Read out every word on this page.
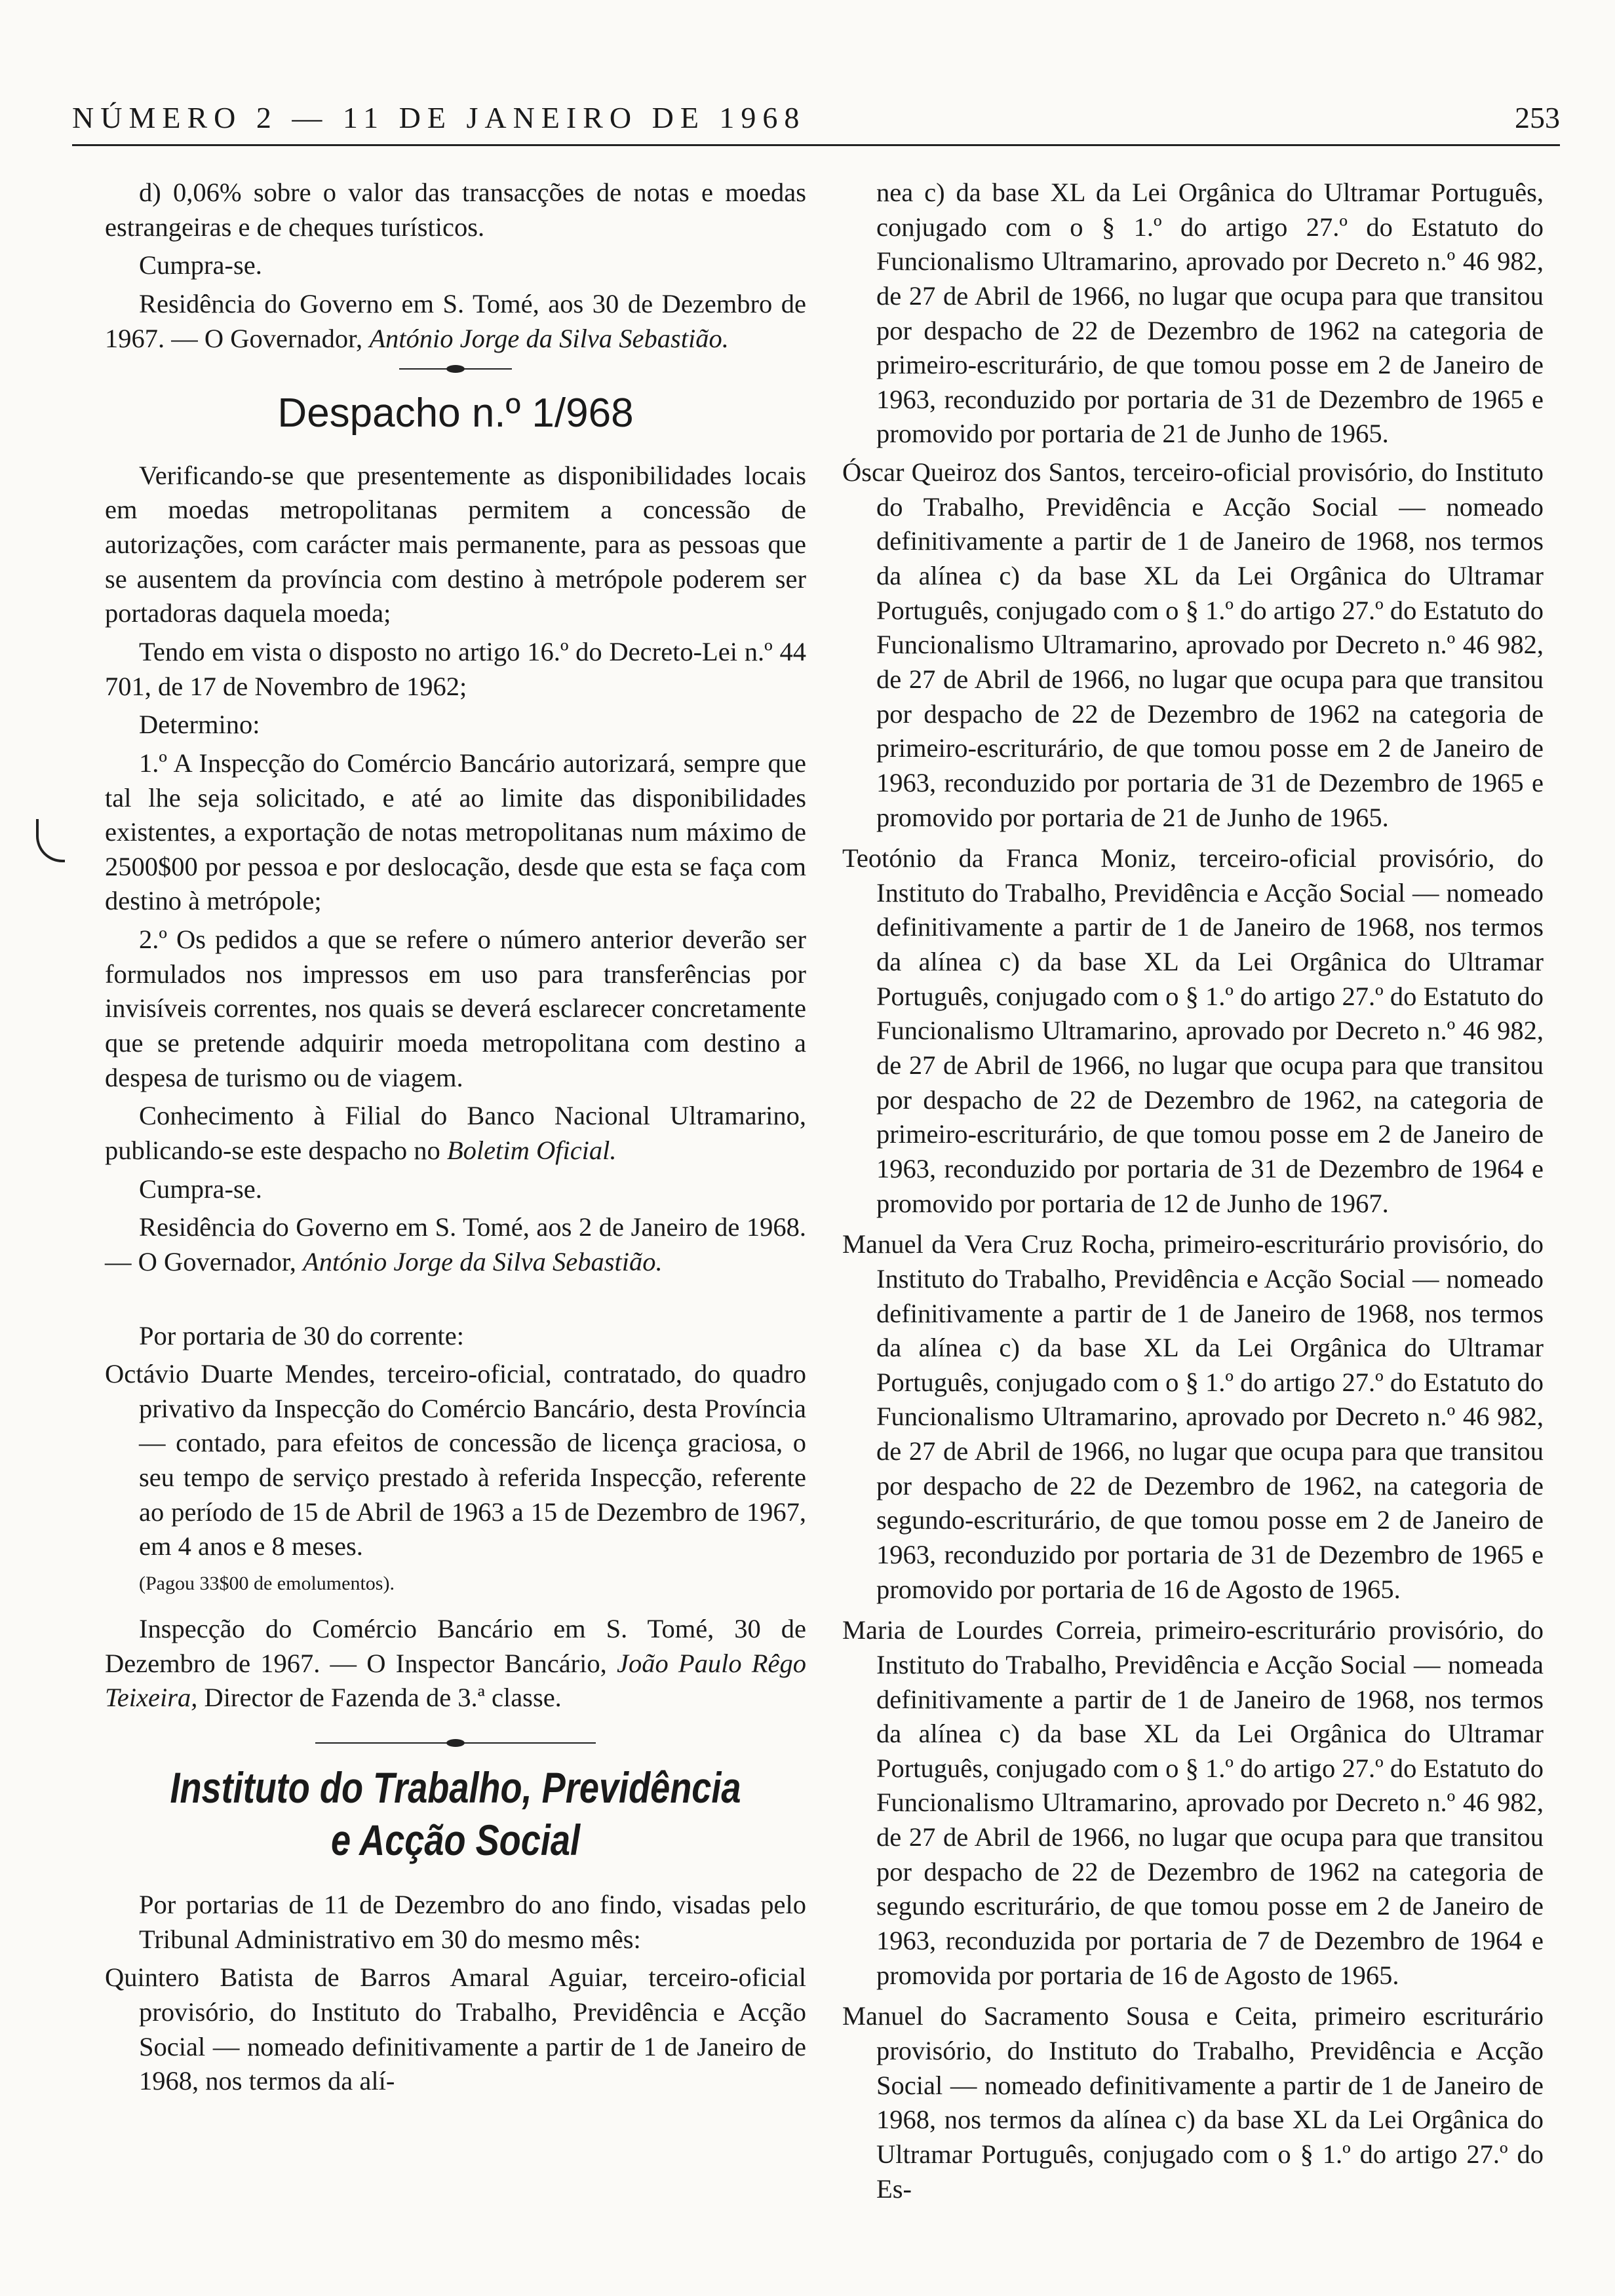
NÚMERO 2 — 11 DE JANEIRO DE 1968	253

d) 0,06% sobre o valor das transacções de notas e moedas estrangeiras e de cheques turísticos.

Cumpra-se.

Residência do Governo em S. Tomé, aos 30 de Dezembro de 1967. — O Governador, António Jorge da Silva Sebastião.

Despacho n.º 1/968

Verificando-se que presentemente as disponibilidades locais em moedas metropolitanas permitem a concessão de autorizações, com carácter mais permanente, para as pessoas que se ausentem da província com destino à metrópole poderem ser portadoras daquela moeda;

Tendo em vista o disposto no artigo 16.º do Decreto-Lei n.º 44 701, de 17 de Novembro de 1962;

Determino:

1.º A Inspecção do Comércio Bancário autorizará, sempre que tal lhe seja solicitado, e até ao limite das disponibilidades existentes, a exportação de notas metropolitanas num máximo de 2500$00 por pessoa e por deslocação, desde que esta se faça com destino à metrópole;

2.º Os pedidos a que se refere o número anterior deverão ser formulados nos impressos em uso para transferências por invisíveis correntes, nos quais se deverá esclarecer concretamente que se pretende adquirir moeda metropolitana com destino a despesa de turismo ou de viagem.

Conhecimento à Filial do Banco Nacional Ultramarino, publicando-se este despacho no Boletim Oficial.

Cumpra-se.

Residência do Governo em S. Tomé, aos 2 de Janeiro de 1968. — O Governador, António Jorge da Silva Sebastião.

Por portaria de 30 do corrente:

Octávio Duarte Mendes, terceiro-oficial, contratado, do quadro privativo da Inspecção do Comércio Bancário, desta Província — contado, para efeitos de concessão de licença graciosa, o seu tempo de serviço prestado à referida Inspecção, referente ao período de 15 de Abril de 1963 a 15 de Dezembro de 1967, em 4 anos e 8 meses.

(Pagou 33$00 de emolumentos).

Inspecção do Comércio Bancário em S. Tomé, 30 de Dezembro de 1967. — O Inspector Bancário, João Paulo Rêgo Teixeira, Director de Fazenda de 3.ª classe.

Instituto do Trabalho, Previdência
e Acção Social

Por portarias de 11 de Dezembro do ano findo, visadas pelo Tribunal Administrativo em 30 do mesmo mês:

Quintero Batista de Barros Amaral Aguiar, terceiro-oficial provisório, do Instituto do Trabalho, Previdência e Acção Social — nomeado definitivamente a partir de 1 de Janeiro de 1968, nos termos da alí-

nea c) da base XL da Lei Orgânica do Ultramar Português, conjugado com o § 1.º do artigo 27.º do Estatuto do Funcionalismo Ultramarino, aprovado por Decreto n.º 46 982, de 27 de Abril de 1966, no lugar que ocupa para que transitou por despacho de 22 de Dezembro de 1962 na categoria de primeiro-escriturário, de que tomou posse em 2 de Janeiro de 1963, reconduzido por portaria de 31 de Dezembro de 1965 e promovido por portaria de 21 de Junho de 1965.

Óscar Queiroz dos Santos, terceiro-oficial provisório, do Instituto do Trabalho, Previdência e Acção Social — nomeado definitivamente a partir de 1 de Janeiro de 1968, nos termos da alínea c) da base XL da Lei Orgânica do Ultramar Português, conjugado com o § 1.º do artigo 27.º do Estatuto do Funcionalismo Ultramarino, aprovado por Decreto n.º 46 982, de 27 de Abril de 1966, no lugar que ocupa para que transitou por despacho de 22 de Dezembro de 1962 na categoria de primeiro-escriturário, de que tomou posse em 2 de Janeiro de 1963, reconduzido por portaria de 31 de Dezembro de 1965 e promovido por portaria de 21 de Junho de 1965.

Teotónio da Franca Moniz, terceiro-oficial provisório, do Instituto do Trabalho, Previdência e Acção Social — nomeado definitivamente a partir de 1 de Janeiro de 1968, nos termos da alínea c) da base XL da Lei Orgânica do Ultramar Português, conjugado com o § 1.º do artigo 27.º do Estatuto do Funcionalismo Ultramarino, aprovado por Decreto n.º 46 982, de 27 de Abril de 1966, no lugar que ocupa para que transitou por despacho de 22 de Dezembro de 1962, na categoria de primeiro-escriturário, de que tomou posse em 2 de Janeiro de 1963, reconduzido por portaria de 31 de Dezembro de 1964 e promovido por portaria de 12 de Junho de 1967.

Manuel da Vera Cruz Rocha, primeiro-escriturário provisório, do Instituto do Trabalho, Previdência e Acção Social — nomeado definitivamente a partir de 1 de Janeiro de 1968, nos termos da alínea c) da base XL da Lei Orgânica do Ultramar Português, conjugado com o § 1.º do artigo 27.º do Estatuto do Funcionalismo Ultramarino, aprovado por Decreto n.º 46 982, de 27 de Abril de 1966, no lugar que ocupa para que transitou por despacho de 22 de Dezembro de 1962, na categoria de segundo-escriturário, de que tomou posse em 2 de Janeiro de 1963, reconduzido por portaria de 31 de Dezembro de 1965 e promovido por portaria de 16 de Agosto de 1965.

Maria de Lourdes Correia, primeiro-escriturário provisório, do Instituto do Trabalho, Previdência e Acção Social — nomeada definitivamente a partir de 1 de Janeiro de 1968, nos termos da alínea c) da base XL da Lei Orgânica do Ultramar Português, conjugado com o § 1.º do artigo 27.º do Estatuto do Funcionalismo Ultramarino, aprovado por Decreto n.º 46 982, de 27 de Abril de 1966, no lugar que ocupa para que transitou por despacho de 22 de Dezembro de 1962 na categoria de segundo escriturário, de que tomou posse em 2 de Janeiro de 1963, reconduzida por portaria de 7 de Dezembro de 1964 e promovida por portaria de 16 de Agosto de 1965.

Manuel do Sacramento Sousa e Ceita, primeiro escriturário provisório, do Instituto do Trabalho, Previdência e Acção Social — nomeado definitivamente a partir de 1 de Janeiro de 1968, nos termos da alínea c) da base XL da Lei Orgânica do Ultramar Português, conjugado com o § 1.º do artigo 27.º do Es-
